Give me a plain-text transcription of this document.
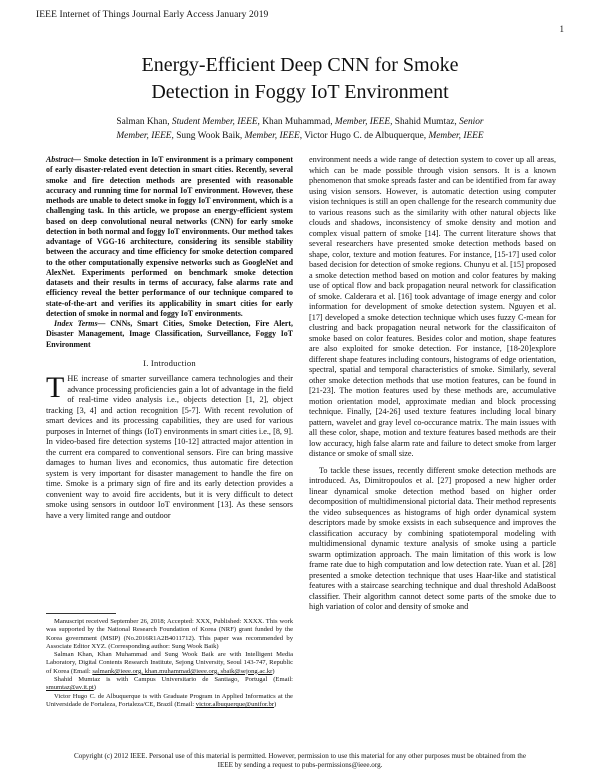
IEEE Internet of Things Journal Early Access January 2019
1
Energy-Efficient Deep CNN for Smoke
Detection in Foggy IoT Environment
Salman Khan, Student Member, IEEE, Khan Muhammad, Member, IEEE, Shahid Mumtaz, Senior
Member, IEEE, Sung Wook Baik, Member, IEEE, Victor Hugo C. de Albuquerque, Member, IEEE
Abstract— Smoke detection in IoT environment is a primary component of early disaster-related event detection in smart cities. Recently, several smoke and fire detection methods are presented with reasonable accuracy and running time for normal IoT environment. However, these methods are unable to detect smoke in foggy IoT environment, which is a challenging task. In this article, we propose an energy-efficient system based on deep convolutional neural networks (CNN) for early smoke detection in both normal and foggy IoT environments. Our method takes advantage of VGG-16 architecture, considering its sensible stability between the accuracy and time efficiency for smoke detection compared to the other computationally expensive networks such as GoogleNet and AlexNet. Experiments performed on benchmark smoke detection datasets and their results in terms of accuracy, false alarms rate and efficiency reveal the better performance of our technique compared to state-of-the-art and verifies its applicability in smart cities for early detection of smoke in normal and foggy IoT environments.
Index Terms— CNNs, Smart Cities, Smoke Detection, Fire Alert, Disaster Management, Image Classification, Surveillance, Foggy IoT Environment
I. Introduction

THE increase of smarter surveillance camera technologies and their advance processing proficiencies gain a lot of advantage in the field of real-time video analysis i.e., objects detection [1, 2], object tracking [3, 4] and action recognition [5-7]. With recent revolution of smart devices and its processing capabilities, they are used for various purposes in Internet of things (IoT) environments in smart cities i.e., [8, 9]. In video-based fire detection systems [10-12] attracted major attention in the current era compared to conventional sensors. Fire can bring massive damages to human lives and economics, thus automatic fire detection system is very important for disaster management to handle the fire on time. Smoke is a primary sign of fire and its early detection provides a convenient way to avoid fire accidents, but it is very difficult to detect smoke using sensors in outdoor IoT environment [13]. As these sensors have a very limited range and outdoor

Manuscript received September 26, 2018; Accepted: XXX, Published: XXXX. This work was supported by the National Research Foundation of Korea (NRF) grant funded by the Korea government (MSIP) (No.2016R1A2B4011712). This paper was recommended by Associate Editor XYZ. (Corresponding author: Sung Wook Baik)

Salman Khan, Khan Muhammad and Sung Wook Baik are with Intelligent Media Laboratory, Digital Contents Research Institute, Sejong University, Seoul 143-747, Republic of Korea (Email: salmank@ieee.org, khan.muhammad@ieee.org, sbaik@sejong.ac.kr)

Shahid Mumtaz is with Campus Universitario de Santiago, Portugal (Email: smumtaz@av.it.pt)

Victor Hugo C. de Albuquerque is with Graduate Program in Applied Informatics at the Universidade de Fortaleza, Fortaleza/CE, Brazil (Email: victor.albuquerque@unifor.br)

environment needs a wide range of detection system to cover up all areas, which can be made possible through vision sensors. It is a known phenomenon that smoke spreads faster and can be identified from far away using vision sensors. However, is automatic detection using computer vision techniques is still an open challenge for the research community due to various reasons such as the similarity with other natural objects like clouds and shadows, inconsistency of smoke density and motion and complex visual pattern of smoke [14]. The current literature shows that several researchers have presented smoke detection methods based on shape, color, texture and motion features. For instance, [15-17] used color based decision for detection of smoke regions. Chunyu et al. [15] proposed a smoke detection method based on motion and color features by making use of optical flow and back propagation neural network for classification of smoke. Calderara et al. [16] took advantage of image energy and color information for development of smoke detection system. Nguyen et al. [17] developed a smoke detection technique which uses fuzzy C-mean for clustring and back propagation neural network for the classificaiton of smoke based on color features. Besides color and motion, shape features are also exploited for smoke detection. For instance, [18-20]explore different shape features including contours, histograms of edge orientation, spectral, spatial and temporal characteristics of smoke. Similarly, several other smoke detection methods that use motion features, can be found in [21-23]. The motion features used by these methods are, accumulative motion orientation model, approximate median and block processing technique. Finally, [24-26] used texture features including local binary pattern, wavelet and gray level co-occurance matrix. The main issues with all these color, shape, motion and texture features based methods are their low accuracy, high false alarm rate and failure to detect smoke from larger distance or smoke of small size.

To tackle these issues, recently different smoke detection methods are introduced. As, Dimitropoulos et al. [27] proposed a new higher order linear dynamical smoke detection method based on higher order decomposition of multidimensional pictorial data. Their method represents the video subsequences as histograms of high order dynamical system descriptors made by smoke exsists in each subsequence and improves the classification accuracy by combining spatiotemporal modeling with multidimensional dynamic texture analysis of smoke using a particle swarm optimization approach. The main limitation of this work is low frame rate due to high computation and low detection rate. Yuan et al. [28] presented a smoke detection technique that uses Haar-like and statistical features with a staircase searching technique and dual threshold AdaBoost classifier. Their algorithm cannot detect some parts of the smoke due to high variation of color and density of smoke and

Copyright (c) 2012 IEEE. Personal use of this material is permitted. However, permission to use this material for any other purposes must be obtained from the
IEEE by sending a request to pubs-permissions@ieee.org.
